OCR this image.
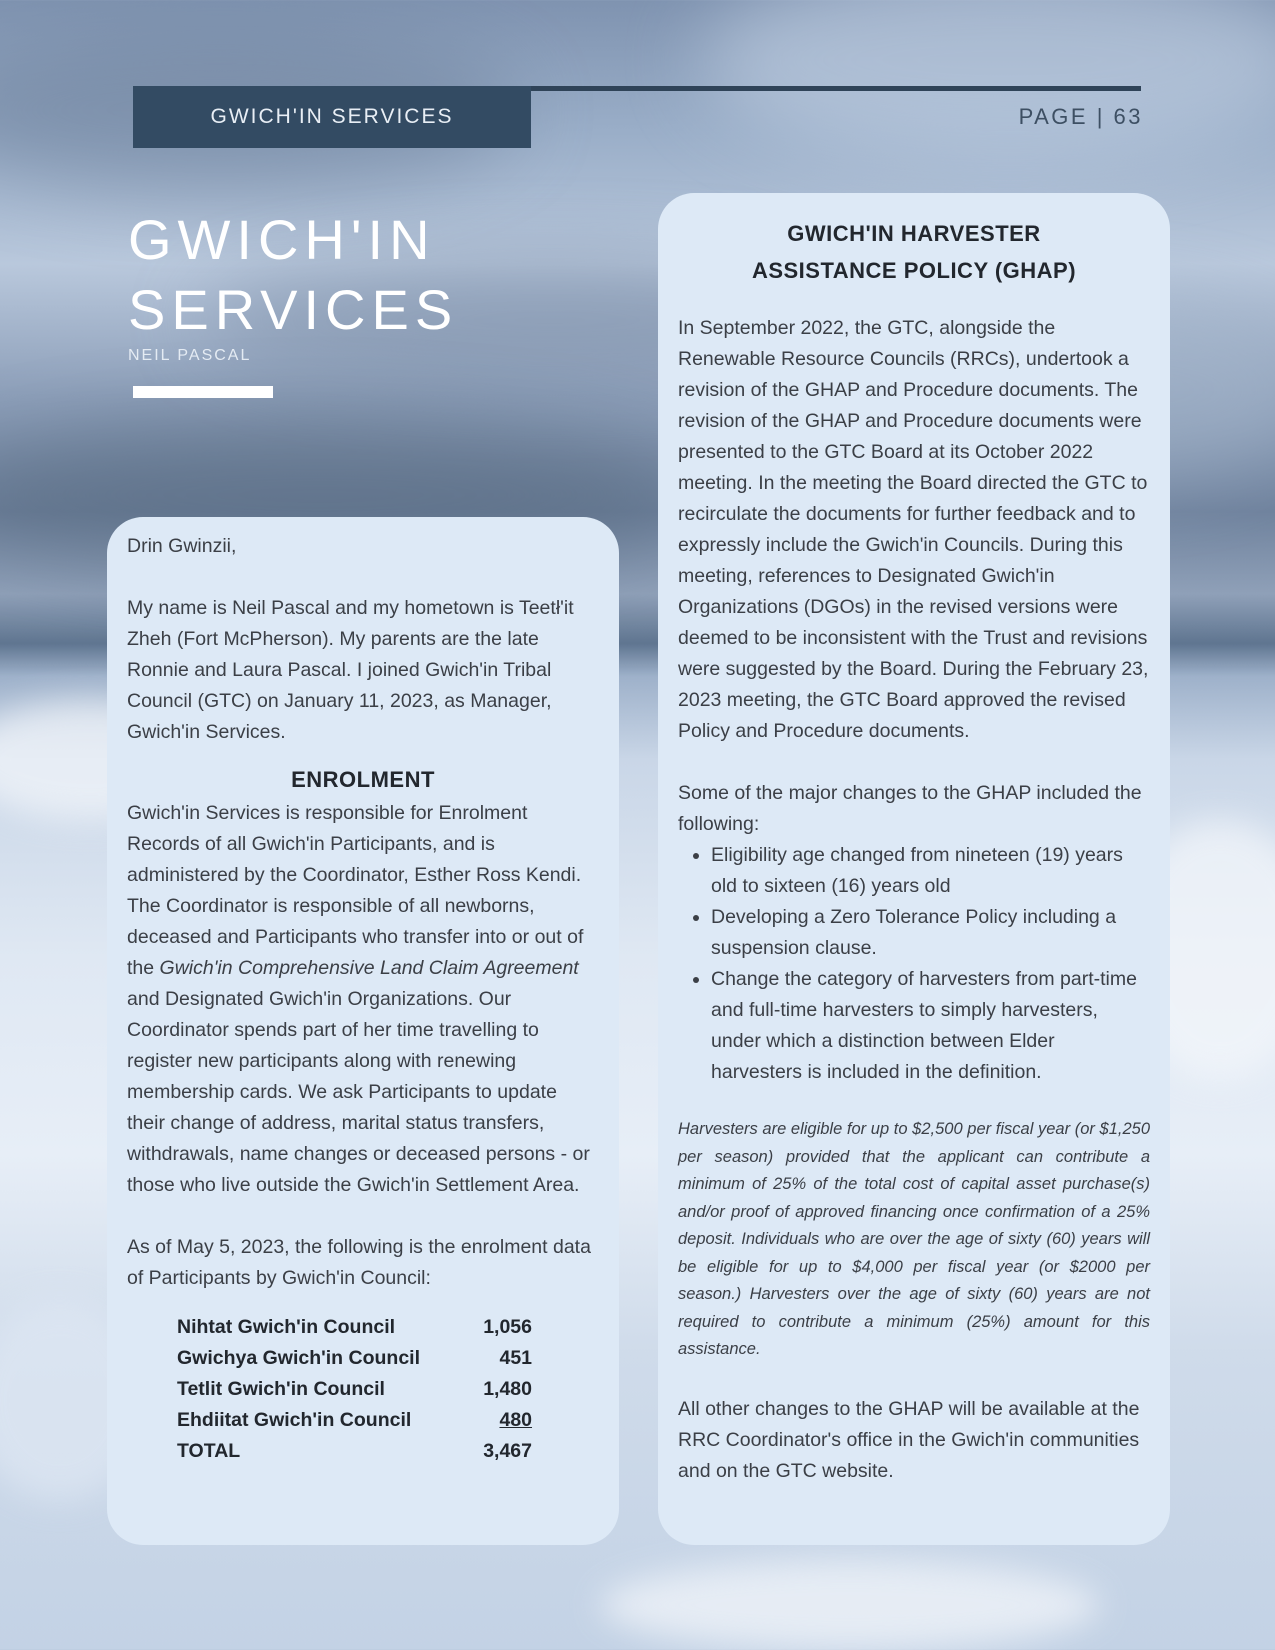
GWICH'IN SERVICES	PAGE | 63
GWICH'IN
SERVICES
NEIL PASCAL

Drin Gwinzii,

My name is Neil Pascal and my hometown is Teetł'it Zheh (Fort McPherson). My parents are the late Ronnie and Laura Pascal. I joined Gwich'in Tribal Council (GTC) on January 11, 2023, as Manager, Gwich'in Services.

ENROLMENT

Gwich'in Services is responsible for Enrolment Records of all Gwich'in Participants, and is administered by the Coordinator, Esther Ross Kendi. The Coordinator is responsible of all newborns, deceased and Participants who transfer into or out of the Gwich'in Comprehensive Land Claim Agreement and Designated Gwich'in Organizations. Our Coordinator spends part of her time travelling to register new participants along with renewing membership cards. We ask Participants to update their change of address, marital status transfers, withdrawals, name changes or deceased persons - or those who live outside the Gwich'in Settlement Area.

As of May 5, 2023, the following is the enrolment data of Participants by Gwich'in Council:

Nihtat Gwich'in Council	1,056
Gwichya Gwich'in Council	451
Tetlit Gwich'in Council	1,480
Ehdiitat Gwich'in Council	480
TOTAL	3,467

GWICH'IN HARVESTER
ASSISTANCE POLICY (GHAP)

In September 2022, the GTC, alongside the Renewable Resource Councils (RRCs), undertook a revision of the GHAP and Procedure documents. The revision of the GHAP and Procedure documents were presented to the GTC Board at its October 2022 meeting. In the meeting the Board directed the GTC to recirculate the documents for further feedback and to expressly include the Gwich'in Councils. During this meeting, references to Designated Gwich'in Organizations (DGOs) in the revised versions were deemed to be inconsistent with the Trust and revisions were suggested by the Board. During the February 23, 2023 meeting, the GTC Board approved the revised Policy and Procedure documents.

Some of the major changes to the GHAP included the following:

• Eligibility age changed from nineteen (19) years old to sixteen (16) years old
• Developing a Zero Tolerance Policy including a suspension clause.
• Change the category of harvesters from part-time and full-time harvesters to simply harvesters, under which a distinction between Elder harvesters is included in the definition.

Harvesters are eligible for up to $2,500 per fiscal year (or $1,250 per season) provided that the applicant can contribute a minimum of 25% of the total cost of capital asset purchase(s) and/or proof of approved financing once confirmation of a 25% deposit. Individuals who are over the age of sixty (60) years will be eligible for up to $4,000 per fiscal year (or $2000 per season.) Harvesters over the age of sixty (60) years are not required to contribute a minimum (25%) amount for this assistance.

All other changes to the GHAP will be available at the RRC Coordinator's office in the Gwich'in communities and on the GTC website.
